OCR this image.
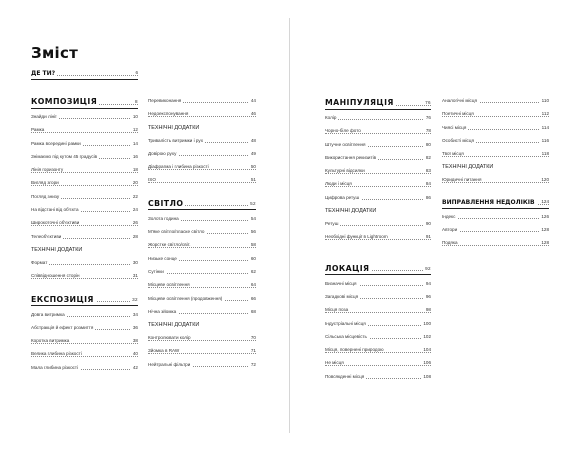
Зміст
ДЕ ТИ?	6
КОМПОЗИЦІЯ	8
Знайди лінії	10
Рамка	12
Рамка всередині рамки	14
Знімаємо під кутом 45 градусів	16
Лінія горизонту	18
Вигляд згори	20
Погляд знизу	22
На відстані від об'єкта	24
Широкоточні об'єктиви	26
Телеоб'єктиви	28
ТЕХНІЧНІ ДОДАТКИ
Формат	30
Співвідношення сторін	31
ЕКСПОЗИЦІЯ	32
Довга витримка	34
Абстракція й ефект розмиття	36
Коротка витримка	38
Велика глибина різкості	40
Мала глибина різкості	42
Перевиконання	44
Недоекспонування	46
ТЕХНІЧНІ ДОДАТКИ
Тривалість витримки і рух	48
Довірою руху	49
Діафрагма і глибина різкості	50
ISO	51
СВІТЛО	52
Золота година	54
М'яке світло/пласке світло	56
Жорстке світло/світ.	58
Низьке сонце	60
Сутінки	62
Місцеве освітлення	64
Місцеве освітлення (продовження)	66
Нічна зйомка	68
ТЕХНІЧНІ ДОДАТКИ
Контролювати колір	70
Зйомка в RAW	71
Нейтральні фільтри	72
МАНІПУЛЯЦІЯ	76
Колір	76
Чорно-біле фото	78
Штучне освітлення	80
Використання рекизитів	82
Культурні відсилки	83
Люди і місця	84
Цифрова ретуш	86
ТЕХНІЧНІ ДОДАТКИ
Ретуш	90
Необхідні функції в Lightroom	91
ЛОКАЦІЯ	92
Визначні місця	94
Загадкові місця	96
Місця поза	98
Індустріальні місця	100
Сільська місцевість	102
Місця, повернені природою	104
Не місця	106
Повсякденні місця	108
Аналогічні місця	110
Поетичні місця	112
Чиясі місця	114
Особисті місця	116
Твої місця	118
ТЕХНІЧНІ ДОДАТКИ
Юридичні питання	120
ВИПРАВЛЕННЯ НЕДОЛІКІВ	124
Індекс	126
Автори	128
Подяка	128
